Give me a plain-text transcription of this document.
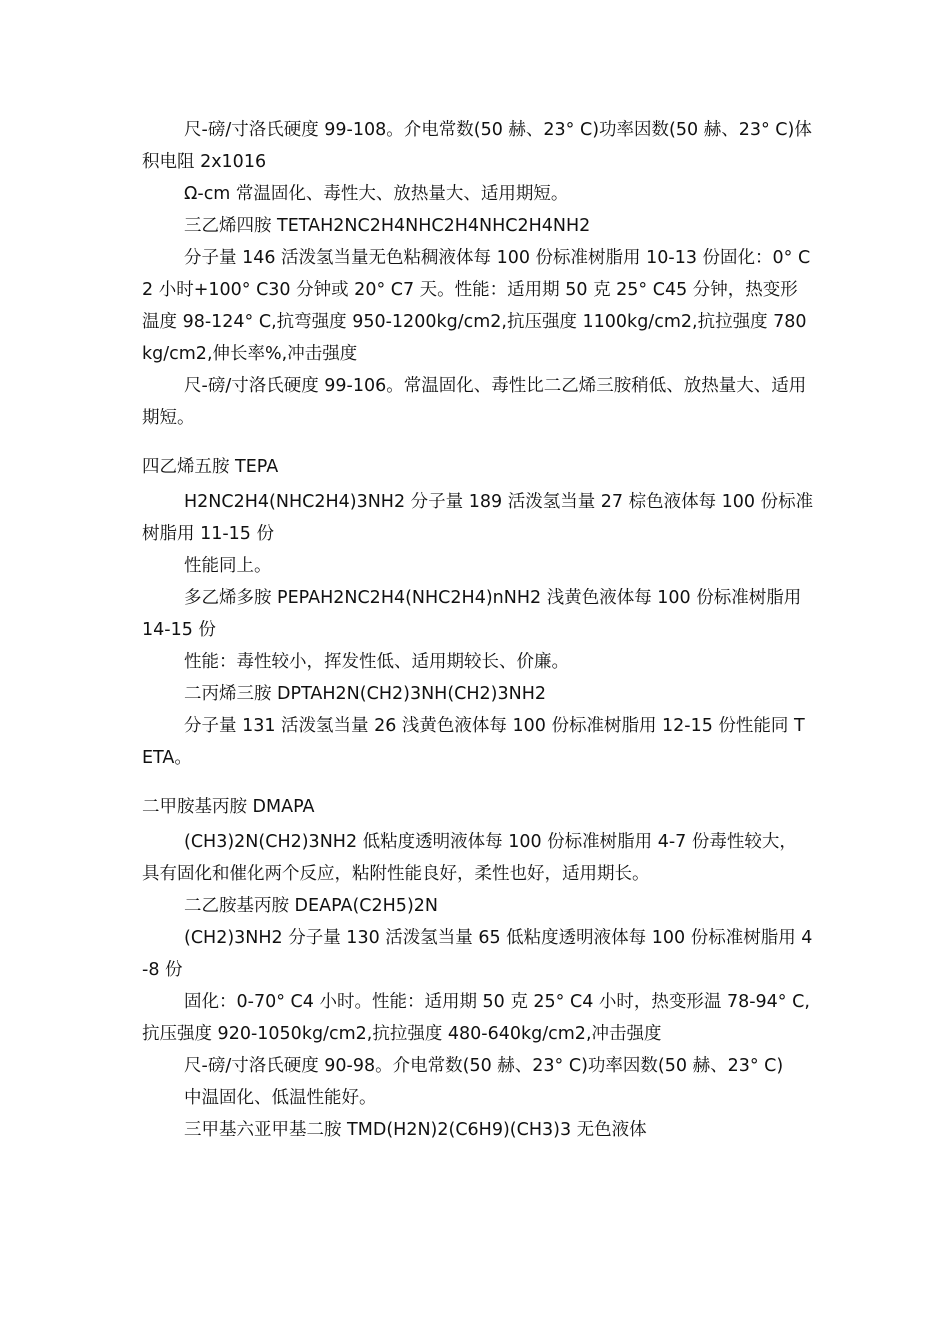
尺-磅/寸洛氏硬度 99-108。介电常数(50 赫、23° C)功率因数(50 赫、23° C)体积电阻 2x1016

Ω-cm 常温固化、毒性大、放热量大、适用期短。

三乙烯四胺 TETAH2NC2H4NHC2H4NHC2H4NH2

分子量 146 活泼氢当量无色粘稠液体每 100 份标准树脂用 10-13 份固化：0° C2 小时+100° C30 分钟或 20° C7 天。性能：适用期 50 克 25° C45 分钟，热变形温度 98-124° C,抗弯强度 950-1200kg/cm2,抗压强度 1100kg/cm2,抗拉强度 780kg/cm2,伸长率%,冲击强度

尺-磅/寸洛氏硬度 99-106。常温固化、毒性比二乙烯三胺稍低、放热量大、适用期短。

四乙烯五胺 TEPA

H2NC2H4(NHC2H4)3NH2 分子量 189 活泼氢当量 27 棕色液体每 100 份标准树脂用 11-15 份

性能同上。

多乙烯多胺 PEPAH2NC2H4(NHC2H4)nNH2 浅黄色液体每 100 份标准树脂用 14-15 份

性能：毒性较小，挥发性低、适用期较长、价廉。

二丙烯三胺 DPTAH2N(CH2)3NH(CH2)3NH2

分子量 131 活泼氢当量 26 浅黄色液体每 100 份标准树脂用 12-15 份性能同 TETA。

二甲胺基丙胺 DMAPA

(CH3)2N(CH2)3NH2 低粘度透明液体每 100 份标准树脂用 4-7 份毒性较大，具有固化和催化两个反应，粘附性能良好，柔性也好，适用期长。

二乙胺基丙胺 DEAPA(C2H5)2N

(CH2)3NH2 分子量 130 活泼氢当量 65 低粘度透明液体每 100 份标准树脂用 4-8 份

固化：0-70° C4 小时。性能：适用期 50 克 25° C4 小时，热变形温 78-94° C,抗压强度 920-1050kg/cm2,抗拉强度 480-640kg/cm2,冲击强度

尺-磅/寸洛氏硬度 90-98。介电常数(50 赫、23° C)功率因数(50 赫、23° C)

中温固化、低温性能好。

三甲基六亚甲基二胺 TMD(H2N)2(C6H9)(CH3)3 无色液体
